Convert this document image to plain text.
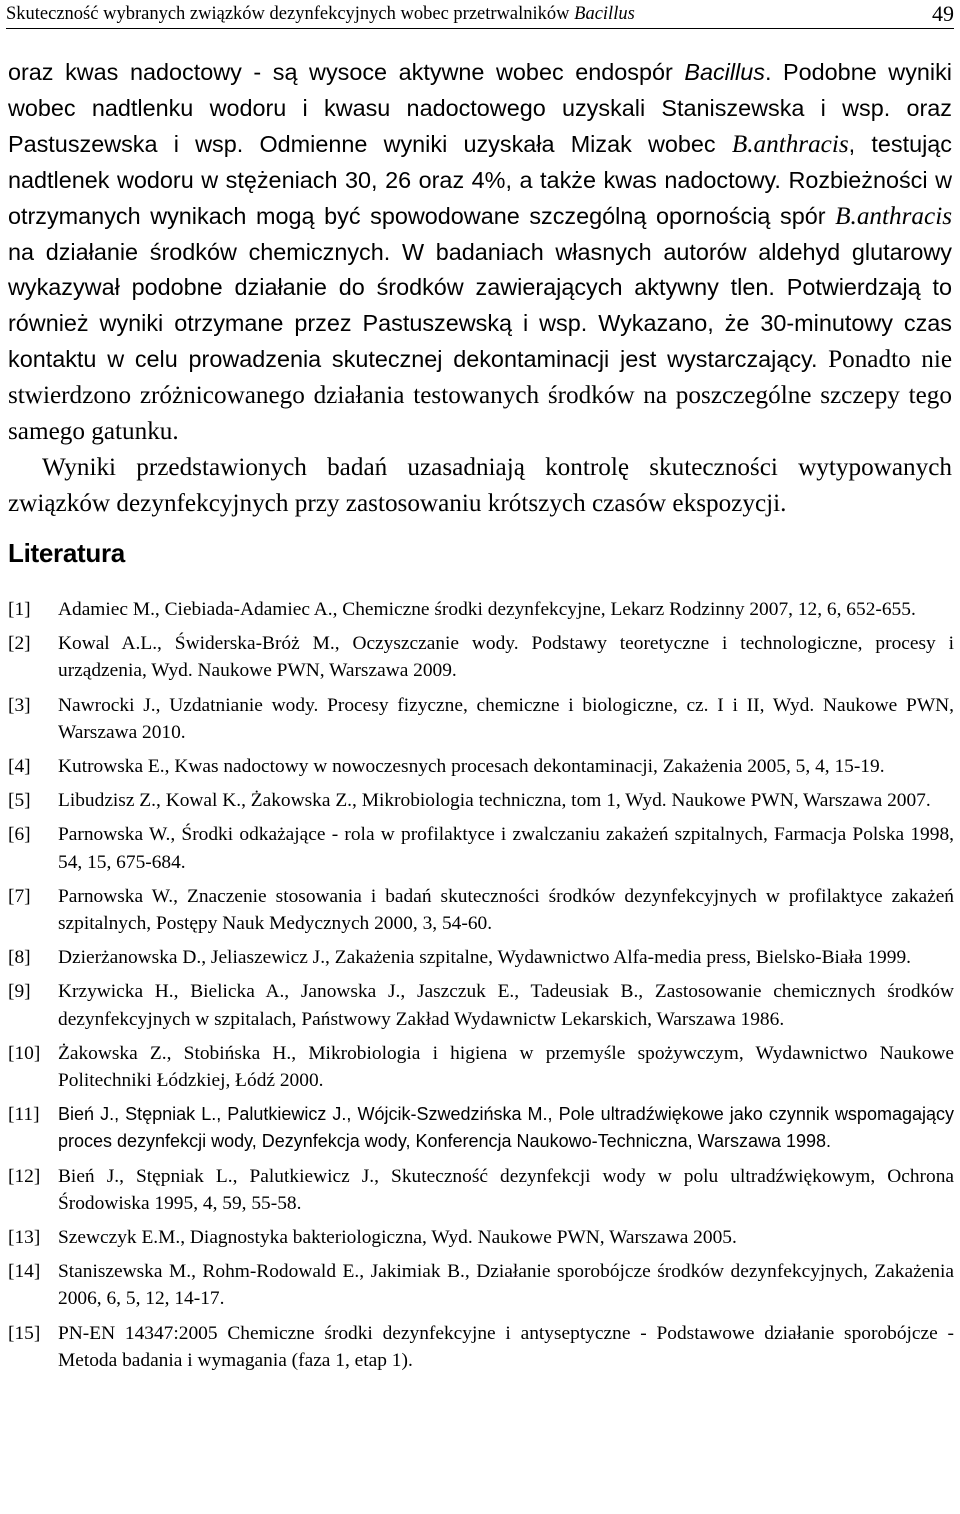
Skuteczność wybranych związków dezynfekcyjnych wobec przetrwalników Bacillus	49

oraz kwas nadoctowy - są wysoce aktywne wobec endospór Bacillus. Podobne wyniki wobec nadtlenku wodoru i kwasu nadoctowego uzyskali Staniszewska i wsp. oraz Pastuszewska i wsp. Odmienne wyniki uzyskała Mizak wobec B.anthracis, testując nadtlenek wodoru w stężeniach 30, 26 oraz 4%, a także kwas nadoctowy. Rozbieżności w otrzymanych wynikach mogą być spowodowane szczególną opornością spór B.anthracis na działanie środków chemicznych. W badaniach własnych autorów aldehyd glutarowy wykazywał podobne działanie do środków zawierających aktywny tlen. Potwierdzają to również wyniki otrzymane przez Pastuszewską i wsp. Wykazano, że 30-minutowy czas kontaktu w celu prowadzenia skutecznej dekontaminacji jest wystarczający. Ponadto nie stwierdzono zróżnicowanego działania testowanych środków na poszczególne szczepy tego samego gatunku.

Wyniki przedstawionych badań uzasadniają kontrolę skuteczności wytypowanych związków dezynfekcyjnych przy zastosowaniu krótszych czasów ekspozycji.

Literatura
[1] Adamiec M., Ciebiada-Adamiec A., Chemiczne środki dezynfekcyjne, Lekarz Rodzinny 2007, 12, 6, 652-655.
[2] Kowal A.L., Świderska-Bróż M., Oczyszczanie wody. Podstawy teoretyczne i technologiczne, procesy i urządzenia, Wyd. Naukowe PWN, Warszawa 2009.
[3] Nawrocki J., Uzdatnianie wody. Procesy fizyczne, chemiczne i biologiczne, cz. I i II, Wyd. Naukowe PWN, Warszawa 2010.
[4] Kutrowska E., Kwas nadoctowy w nowoczesnych procesach dekontaminacji, Zakażenia 2005, 5, 4, 15-19.
[5] Libudzisz Z., Kowal K., Żakowska Z., Mikrobiologia techniczna, tom 1, Wyd. Naukowe PWN, Warszawa 2007.
[6] Parnowska W., Środki odkażające - rola w profilaktyce i zwalczaniu zakażeń szpitalnych, Farmacja Polska 1998, 54, 15, 675-684.
[7] Parnowska W., Znaczenie stosowania i badań skuteczności środków dezynfekcyjnych w profilaktyce zakażeń szpitalnych, Postępy Nauk Medycznych 2000, 3, 54-60.
[8] Dzierżanowska D., Jeliaszewicz J., Zakażenia szpitalne, Wydawnictwo Alfa-media press, Bielsko-Biała 1999.
[9] Krzywicka H., Bielicka A., Janowska J., Jaszczuk E., Tadeusiak B., Zastosowanie chemicznych środków dezynfekcyjnych w szpitalach, Państwowy Zakład Wydawnictw Lekarskich, Warszawa 1986.
[10] Żakowska Z., Stobińska H., Mikrobiologia i higiena w przemyśle spożywczym, Wydawnictwo Naukowe Politechniki Łódzkiej, Łódź 2000.
[11] Bień J., Stępniak L., Palutkiewicz J., Wójcik-Szwedzińska M., Pole ultradźwiękowe jako czynnik wspomagający proces dezynfekcji wody, Dezynfekcja wody, Konferencja Naukowo-Techniczna, Warszawa 1998.
[12] Bień J., Stępniak L., Palutkiewicz J., Skuteczność dezynfekcji wody w polu ultradźwiękowym, Ochrona Środowiska 1995, 4, 59, 55-58.
[13] Szewczyk E.M., Diagnostyka bakteriologiczna, Wyd. Naukowe PWN, Warszawa 2005.
[14] Staniszewska M., Rohm-Rodowald E., Jakimiak B., Działanie sporobójcze środków dezynfekcyjnych, Zakażenia 2006, 6, 5, 12, 14-17.
[15] PN-EN 14347:2005 Chemiczne środki dezynfekcyjne i antyseptyczne - Podstawowe działanie sporobójcze - Metoda badania i wymagania (faza 1, etap 1).
